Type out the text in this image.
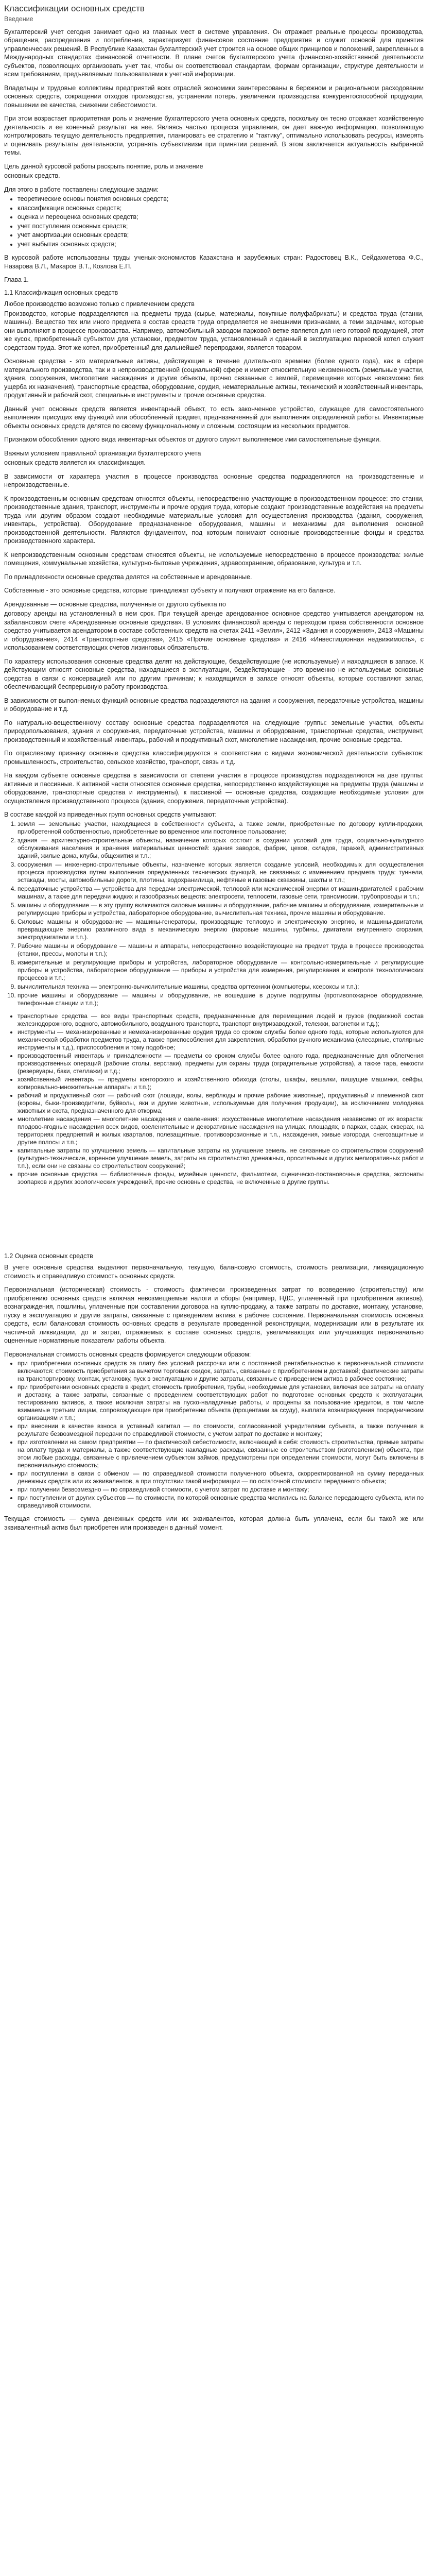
Классификации основных средств
Введение

Бухгалтерский учет сегодня занимает одно из главных мест в системе управления. Он отражает реальные процессы производства, обращения, распределения и потребления, характеризует финансовое состояние предприятия и служит основой для принятия управленческих решений. В Республике Казахстан бухгалтерский учет строится на основе общих принципов и положений, закрепленных в Международных стандартах финансовой отчетности. В плане счетов бухгалтерского учета финансово-хозяйственной деятельности субъектов, позволяющих организовать учет так, чтобы он соответствовал стандартам, формам организации, структуре деятельности и всем требованиям, предъявляемым пользователями к учетной информации.

Владельцы и трудовые коллективы предприятий всех отраслей экономики заинтересованы в бережном и рациональном расходовании основных средств, сокращении отходов производства, устранении потерь, увеличении производства конкурентоспособной продукции, повышении ее качества, снижении себестоимости.

При этом возрастает приоритетная роль и значение бухгалтерского учета основных средств, поскольку он тесно отражает хозяйственную деятельность и ее конечный результат на нее. Являясь частью процесса управления, он дает важную информацию, позволяющую контролировать текущую деятельность предприятия, планировать ее стратегию и "тактику", оптимально использовать ресурсы, измерять и оценивать результаты деятельности, устранять субъективизм при принятии решений. В этом заключается актуальность выбранной темы.

Цель данной курсовой работы раскрыть понятие, роль и значение

основных средств.

Для этого в работе поставлены следующие задачи:

• теоретические основы понятия основных средств;
• классификация основных средств;
• оценка и переоценка основных средств;
• учет поступления основных средств;
• учет амортизации основных средств;
• учет выбытия основных средств;

В курсовой работе использованы труды ученых-экономистов Казахстана и зарубежных стран: Радостовец В.К., Сейдахметова Ф.С., Назарова В.Л., Макаров В.Т., Козлова Е.П.

Глава 1.
1.1 Классификация основных средств

Любое производство возможно только с привлечением средств

Производство, которые подразделяются на предметы труда (сырье, материалы, покупные полуфабрикаты) и средства труда (станки, машины). Вещество тех или иного предмета в состав средств труда определяется не внешними признаками, а теми задачами, которые они выполняют в процессе производства. Например, автомобильный заводом парковой ветке является для него готовой продукцией, этот же кусок, приобретенный субъектом для установки, предметом труда, установленный и сданный в эксплуатацию парковой котел служит средством труда. Этот же котел, приобретенный для дальнейшей перепродажи, является товаром.

Основные средства - это материальные активы, действующие в течение длительного времени (более одного года), как в сфере материального производства, так и в непроизводственной (социальной) сфере и имеют относительную неизменность (земельные участки, здания, сооружения, многолетние насаждения и другие объекты, прочно связанные с землей, перемещение которых невозможно без ущерба их назначения), транспортные средства, оборудование, орудия, нематериальные активы, технический и хозяйственный инвентарь, продуктивный и рабочий скот, специальные инструменты и прочие основные средства.

Данный учет основных средств является инвентарный объект, то есть законченное устройство, служащее для самостоятельного выполнения присущих ему функций или обособленный предмет, предназначенный для выполнения определенной работы. Инвентарные объекты основных средств делятся по своему функциональному и сложным, состоящим из нескольких предметов.

Признаком обособления одного вида инвентарных объектов от другого служит выполняемое ими самостоятельные функции.

Важным условием правильной организации бухгалтерского учета

основных средств является их классификация.

В зависимости от характера участия в процессе производства основные средства подразделяются на производственные и непроизводственные.

К производственным основным средствам относятся объекты, непосредственно участвующие в производственном процессе: это станки, производственные здания, транспорт, инструменты и прочие орудия труда, которые создают производственные воздействия на предметы труда или другим образом создают необходимые материальные условия для осуществления производства (здания, сооружения, инвентарь, устройства). Оборудование предназначенное оборудования, машины и механизмы для выполнения основной производственной деятельности. Являются фундаментом, под которым понимают основные производственные фонды и средства производственного характера.

К непроизводственным основным средствам относятся объекты, не используемые непосредственно в процессе производства: жилые помещения, коммунальные хозяйства, культурно-бытовые учреждения, здравоохранение, образование, культура и т.п.

По принадлежности основные средства делятся на собственные и арендованные.

Собственные - это основные средства, которые принадлежат субъекту и получают отражение на его балансе.

Арендованные — основные средства, полученные от другого субъекта по

договору аренды на установленный в нем срок. При текущей аренде арендованное основное средство учитывается арендатором на забалансовом счете «Арендованные основные средства». В условиях финансовой аренды с переходом права собственности основное средство учитывается арендатором в составе собственных средств на счетах 2411 «Земля», 2412 «Здания и сооружения», 2413 «Машины и оборудование», 2414 «Транспортные средства», 2415 «Прочие основные средства» и 2416 «Инвестиционная недвижимость», с использованием соответствующих счетов лизинговых обязательств.

По характеру использования основные средства делят на действующие, бездействующие (не используемые) и находящиеся в запасе. К действующим относят основные средства, находящиеся в эксплуатации, бездействующие - это временно не используемые основные средства в связи с консервацией или по другим причинам; к находящимся в запасе относят объекты, которые составляют запас, обеспечивающий беспрерывную работу производства.

В зависимости от выполняемых функций основные средства подразделяются на здания и сооружения, передаточные устройства, машины и оборудование и т.д.

По натурально-вещественному составу основные средства подразделяются на следующие группы: земельные участки, объекты природопользования, здания и сооружения, передаточные устройства, машины и оборудование, транспортные средства, инструмент, производственный и хозяйственный инвентарь, рабочий и продуктивный скот, многолетние насаждения, прочие основные средства.

По отраслевому признаку основные средства классифицируются в соответствии с видами экономической деятельности субъектов: промышленность, строительство, сельское хозяйство, транспорт, связь и т.д.

На каждом субъекте основные средства в зависимости от степени участия в процессе производства подразделяются на две группы: активные и пассивные. К активной части относятся основные средства, непосредственно воздействующие на предметы труда (машины и оборудование, транспортные средства и инструменты), к пассивной — основные средства, создающие необходимые условия для осуществления производственного процесса (здания, сооружения, передаточные устройства).

В составе каждой из приведенных групп основных средств учитывают:

1. земля — земельные участки, находящиеся в собственности субъекта, а также земли, приобретенные по договору купли-продажи, приобретенной собственностью, приобретенные во временное или постоянное пользование;
2. здания — архитектурно-строительные объекты, назначение которых состоит в создании условий для труда, социально-культурного обслуживания населения и хранения материальных ценностей: здания заводов, фабрик, цехов, складов, гаражей, административных зданий, жилые дома, клубы, общежития и т.п.;
3. сооружения — инженерно-строительные объекты, назначение которых является создание условий, необходимых для осуществления процесса производства путем выполнения определенных технических функций, не связанных с изменением предмета труда: туннели, эстакады, мосты, автомобильные дороги, плотины, водохранилища, нефтяные и газовые скважины, шахты и т.п.;
4. передаточные устройства — устройства для передачи электрической, тепловой или механической энергии от машин-двигателей к рабочим машинам, а также для передачи жидких и газообразных веществ: электросети, теплосети, газовые сети, трансмиссии, трубопроводы и т.п.;
5. машины и оборудование — в эту группу включаются силовые машины и оборудование, рабочие машины и оборудование, измерительные и регулирующие приборы и устройства, лабораторное оборудование, вычислительная техника, прочие машины и оборудование.
6. Силовые машины и оборудование — машины-генераторы, производящие тепловую и электрическую энергию, и машины-двигатели, превращающие энергию различного вида в механическую энергию (паровые машины, турбины, двигатели внутреннего сгорания, электродвигатели и т.п.).
7. Рабочие машины и оборудование — машины и аппараты, непосредственно воздействующие на предмет труда в процессе производства (станки, прессы, молоты и т.п.);
8. измерительные и регулирующие приборы и устройства, лабораторное оборудование — контрольно-измерительные и регулирующие приборы и устройства, лабораторное оборудование — приборы и устройства для измерения, регулирования и контроля технологических процессов и т.п.;
9. вычислительная техника — электронно-вычислительные машины, средства оргтехники (компьютеры, ксероксы и т.п.);
10. прочие машины и оборудование — машины и оборудование, не вошедшие в другие подгруппы (противопожарное оборудование, телефонные станции и т.п.);
• транспортные средства — все виды транспортных средств, предназначенные для перемещения людей и грузов (подвижной состав железнодорожного, водного, автомобильного, воздушного транспорта, транспорт внутризаводской, тележки, вагонетки и т.д.);
• инструменты — механизированные и немеханизированные орудия труда со сроком службы более одного года, которые используются для механической обработки предметов труда, а также приспособления для закрепления, обработки ручного механизма (слесарные, столярные инструменты и т.д.), приспособления и тому подобное;
• производственный инвентарь и принадлежности — предметы со сроком службы более одного года, предназначенные для облегчения производственных операций (рабочие столы, верстаки), предметы для охраны труда (оградительные устройства), а также тара, емкости (резервуары, баки, стеллажи) и т.д.;
• хозяйственный инвентарь — предметы конторского и хозяйственного обихода (столы, шкафы, вешалки, пишущие машинки, сейфы, копировально-множительные аппараты и т.п.);
• рабочий и продуктивный скот — рабочий скот (лошади, волы, верблюды и прочие рабочие животные), продуктивный и племенной скот (коровы, быки-производители, буйволы, яки и другие животные, используемые для получения продукции), за исключением молодняка животных и скота, предназначенного для откорма;
• многолетние насаждения — многолетние насаждения и озеленения: искусственные многолетние насаждения независимо от их возраста: плодово-ягодные насаждения всех видов, озеленительные и декоративные насаждения на улицах, площадях, в парках, садах, скверах, на территориях предприятий и жилых кварталов, полезащитные, противоэрозионные и т.п., насаждения, живые изгороди, снегозащитные и другие полосы и т.п.;
• капитальные затраты по улучшению земель — капитальные затраты на улучшение земель, не связанные со строительством сооружений (культурно-технические, коренное улучшение земель, затраты на строительство дренажных, оросительных и других мелиоративных работ и т.п.), если они не связаны со строительством сооружений;
• прочие основные средства — библиотечные фонды, музейные ценности, фильмотеки, сценическо-постановочные средства, экспонаты зоопарков и других зоологических учреждений, прочие основные средства, не включенные в другие группы.
1.2 Оценка основных средств

В учете основные средства выделяют первоначальную, текущую, балансовую стоимость, стоимость реализации, ликвидационную стоимость и справедливую стоимость основных средств.

Первоначальная (историческая) стоимость - стоимость фактически произведенных затрат по возведению (строительству) или приобретению основных средств включая невозмещаемые налоги и сборы (например, НДС, уплаченный при приобретении активов), вознаграждения, пошлины, уплаченные при составлении договора на куплю-продажу, а также затраты по доставке, монтажу, установке, пуску в эксплуатацию и другие затраты, связанные с приведением актива в рабочее состояние. Первоначальная стоимость основных средств, если балансовая стоимость основных средств в результате проведенной реконструкции, модернизации или в результате их частичной ликвидации, до и затрат, отражаемых в составе основных средств, увеличивающих или улучшающих первоначально оцененные нормативные показатели работы объекта.

Первоначальная стоимость основных средств формируется следующим образом:

• при приобретении основных средств за плату без условий рассрочки или с постоянной рентабельностью в первоначальной стоимости включаются: стоимость приобретения за вычетом торговых скидок, затраты, связанные с приобретением и доставкой; фактические затраты на транспортировку, монтаж, установку, пуск в эксплуатацию и другие затраты, связанные с приведением актива в рабочее состояние;
• при приобретении основных средств в кредит, стоимость приобретения, трубы, необходимые для установки, включая все затраты на оплату и доставку, а также затраты, связанные с проведением соответствующих работ по подготовке основных средств к эксплуатации, тестированию активов, а также исключая затраты на пуско-наладочные работы, и проценты за пользование кредитом, в том числе взимаемые третьим лицам, сопровождающие при приобретении объекта (процентами за ссуду), выплата вознаграждения посредническим организациям и т.п.;
• при внесении в качестве взноса в уставный капитал — по стоимости, согласованной учредителями субъекта, а также получения в результате безвозмездной передачи по справедливой стоимости, с учетом затрат по доставке и монтажу;
• при изготовлении на самом предприятии — по фактической себестоимости, включающей в себя: стоимость строительства, прямые затраты на оплату труда и материалы, а также соответствующие накладные расходы, связанные со строительством (изготовлением) объекта, при этом любые расходы, связанные с привлечением субъектом займов, предусмотрены при определении стоимости, могут быть включены в первоначальную стоимость;
• при поступлении в связи с обменом — по справедливой стоимости полученного объекта, скорректированной на сумму переданных денежных средств или их эквивалентов, а при отсутствии такой информации — по остаточной стоимости переданного объекта;
• при получении безвозмездно — по справедливой стоимости, с учетом затрат по доставке и монтажу;
• при поступлении от других субъектов — по стоимости, по которой основные средства числились на балансе передающего субъекта, или по справедливой стоимости.

Текущая стоимость — сумма денежных средств или их эквивалентов, которая должна быть уплачена, если бы такой же или эквивалентный актив был приобретен или произведен в данный момент.
